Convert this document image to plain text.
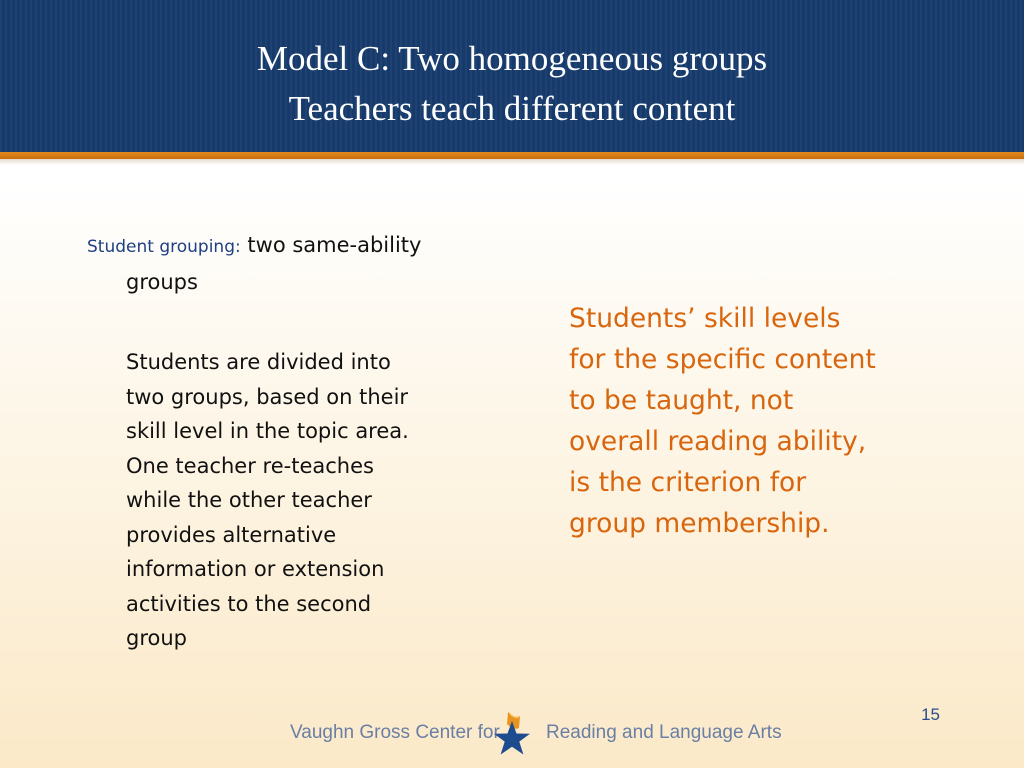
Model C: Two homogeneous groups
Teachers teach different content
Student grouping: two same-ability
groups
Students are divided into
two groups, based on their
skill level in the topic area.
One teacher re-teaches
while the other teacher
provides alternative
information or extension
activities to the second
group
Students’ skill levels
for the specific content
to be taught, not
overall reading ability,
is the criterion for
group membership.
15
Vaughn Gross Center for Reading and Language Arts
